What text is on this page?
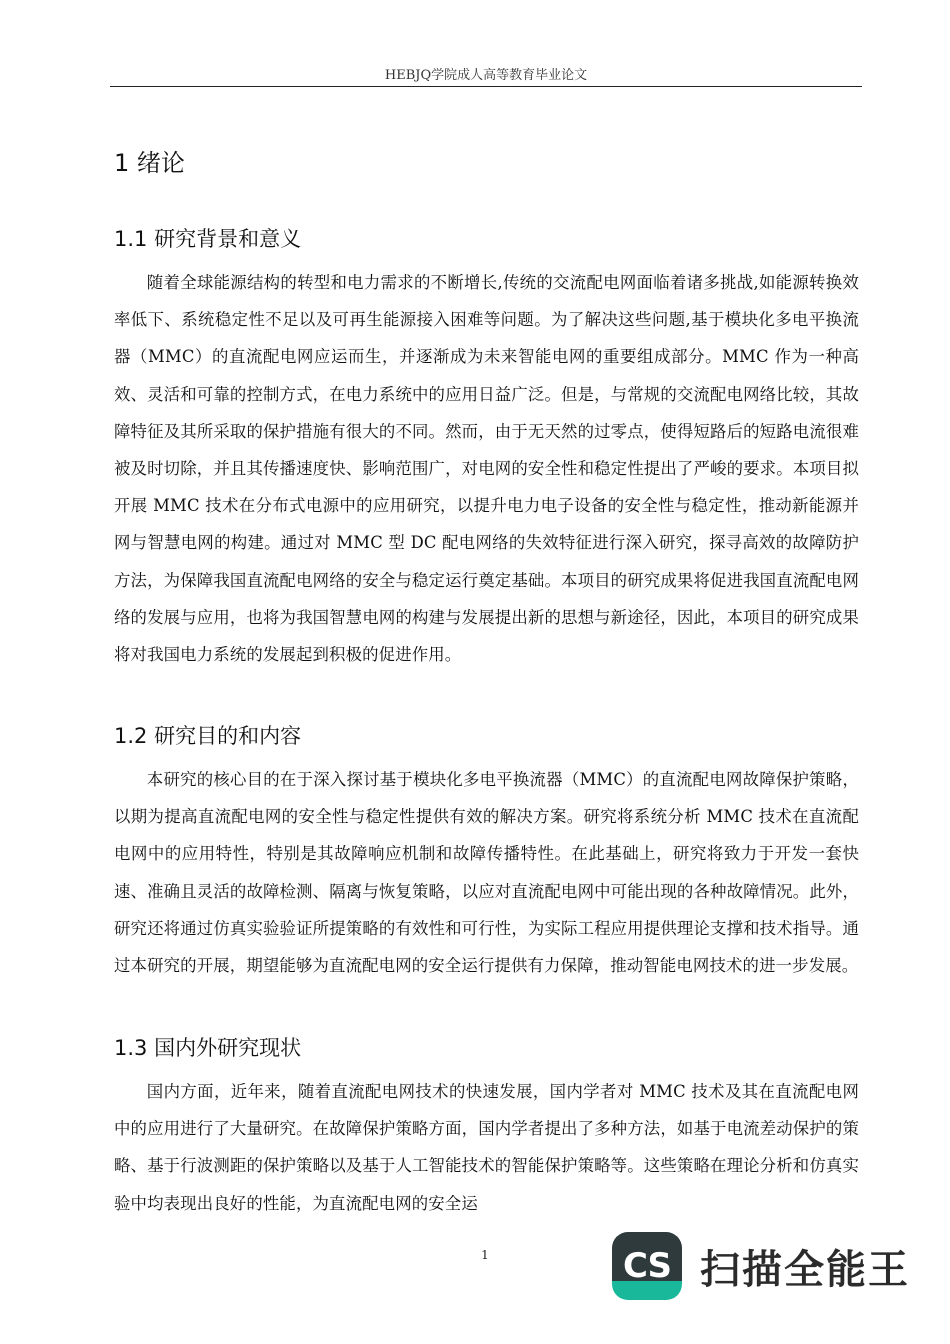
HEBJQ学院成人高等教育毕业论文
1 绪论
1.1 研究背景和意义

随着全球能源结构的转型和电力需求的不断增长,传统的交流配电网面临着诸多挑战,如能源转换效率低下、系统稳定性不足以及可再生能源接入困难等问题。为了解决这些问题,基于模块化多电平换流器（MMC）的直流配电网应运而生，并逐渐成为未来智能电网的重要组成部分。MMC 作为一种高效、灵活和可靠的控制方式，在电力系统中的应用日益广泛。但是，与常规的交流配电网络比较，其故障特征及其所采取的保护措施有很大的不同。然而，由于无天然的过零点，使得短路后的短路电流很难被及时切除，并且其传播速度快、影响范围广，对电网的安全性和稳定性提出了严峻的要求。本项目拟开展 MMC 技术在分布式电源中的应用研究，以提升电力电子设备的安全性与稳定性，推动新能源并网与智慧电网的构建。通过对 MMC 型 DC 配电网络的失效特征进行深入研究，探寻高效的故障防护方法，为保障我国直流配电网络的安全与稳定运行奠定基础。本项目的研究成果将促进我国直流配电网络的发展与应用，也将为我国智慧电网的构建与发展提出新的思想与新途径，因此，本项目的研究成果将对我国电力系统的发展起到积极的促进作用。

1.2 研究目的和内容

本研究的核心目的在于深入探讨基于模块化多电平换流器（MMC）的直流配电网故障保护策略，以期为提高直流配电网的安全性与稳定性提供有效的解决方案。研究将系统分析 MMC 技术在直流配电网中的应用特性，特别是其故障响应机制和故障传播特性。在此基础上，研究将致力于开发一套快速、准确且灵活的故障检测、隔离与恢复策略，以应对直流配电网中可能出现的各种故障情况。此外，研究还将通过仿真实验验证所提策略的有效性和可行性，为实际工程应用提供理论支撑和技术指导。通过本研究的开展，期望能够为直流配电网的安全运行提供有力保障，推动智能电网技术的进一步发展。

1.3 国内外研究现状

国内方面，近年来，随着直流配电网技术的快速发展，国内学者对 MMC 技术及其在直流配电网中的应用进行了大量研究。在故障保护策略方面，国内学者提出了多种方法，如基于电流差动保护的策略、基于行波测距的保护策略以及基于人工智能技术的智能保护策略等。这些策略在理论分析和仿真实验中均表现出良好的性能，为直流配电网的安全运

1	CS 扫描全能王
